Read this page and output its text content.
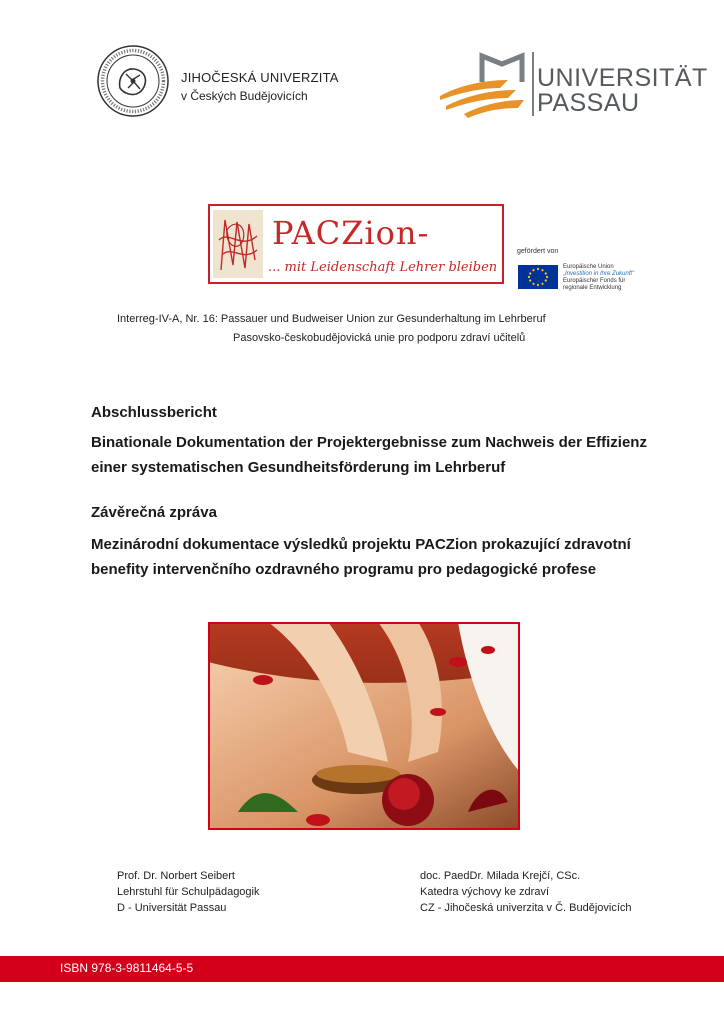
JIHOČESKÁ UNIVERZITA
v Českých Budějovicích
UNIVERSITÄT
PASSAU
PACZion-
... mit Leidenschaft Lehrer bleiben
gefördert von
Europäische Union
„Investition in Ihre Zukunft"
Europäischer Fonds für
regionale Entwicklung
Interreg-IV-A, Nr. 16: Passauer und Budweiser Union zur Gesunderhaltung im Lehrberuf
Pasovsko-českobudějovická unie pro podporu zdraví učitelů
Abschlussbericht
Binationale Dokumentation der Projektergebnisse zum Nachweis der Effizienz
einer systematischen Gesundheitsförderung im Lehrberuf
Závěrečná zpráva
Mezinárodní dokumentace výsledků projektu PACZion prokazující zdravotní
benefity intervenčního ozdravného programu pro pedagogické profese
Prof. Dr. Norbert Seibert
Lehrstuhl für Schulpädagogik
D - Universität Passau
doc. PaedDr. Milada Krejčí, CSc.
Katedra výchovy ke zdraví
CZ - Jihočeská univerzita v Č. Budějovicích
ISBN 978-3-9811464-5-5
